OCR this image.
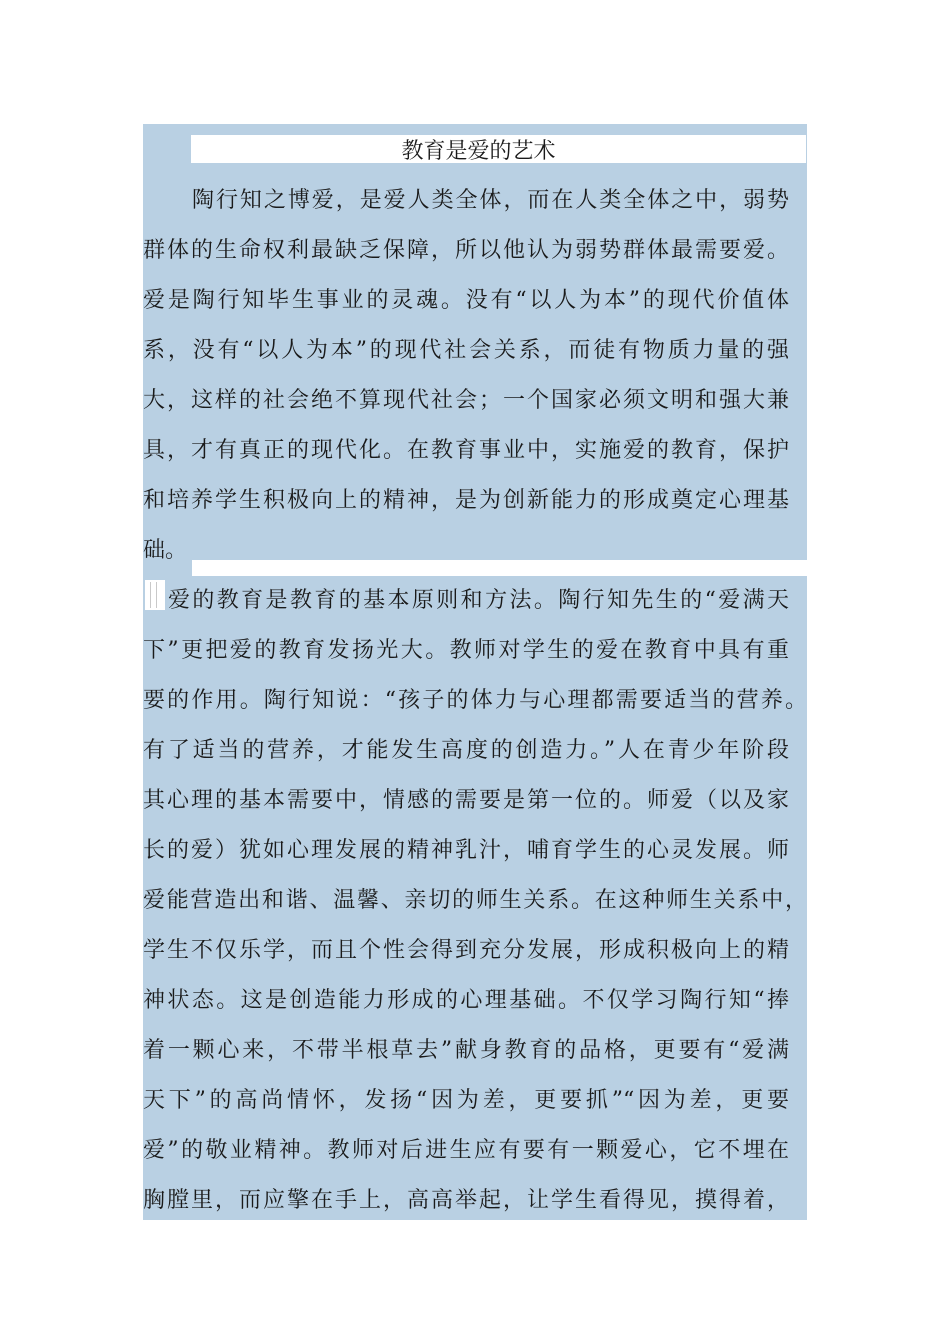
教育是爱的艺术
陶行知之博爱，是爱人类全体，而在人类全体之中，弱势
群体的生命权利最缺乏保障，所以他认为弱势群体最需要爱。
爱是陶行知毕生事业的灵魂。没有“以人为本”的现代价值体
系，没有“以人为本”的现代社会关系，而徒有物质力量的强
大，这样的社会绝不算现代社会；一个国家必须文明和强大兼
具，才有真正的现代化。在教育事业中，实施爱的教育，保护
和培养学生积极向上的精神，是为创新能力的形成奠定心理基
础。
爱的教育是教育的基本原则和方法。陶行知先生的“爱满天
下”更把爱的教育发扬光大。教师对学生的爱在教育中具有重
要的作用。陶行知说：“孩子的体力与心理都需要适当的营养。
有了适当的营养，才能发生高度的创造力。”人在青少年阶段
其心理的基本需要中，情感的需要是第一位的。师爱（以及家
长的爱）犹如心理发展的精神乳汁，哺育学生的心灵发展。师
爱能营造出和谐、温馨、亲切的师生关系。在这种师生关系中，
学生不仅乐学，而且个性会得到充分发展，形成积极向上的精
神状态。这是创造能力形成的心理基础。不仅学习陶行知“捧
着一颗心来，不带半根草去”献身教育的品格，更要有“爱满
天下”的高尚情怀，发扬“因为差，更要抓”“因为差，更要
爱”的敬业精神。教师对后进生应有要有一颗爱心，它不埋在
胸膛里，而应擎在手上，高高举起，让学生看得见，摸得着，
